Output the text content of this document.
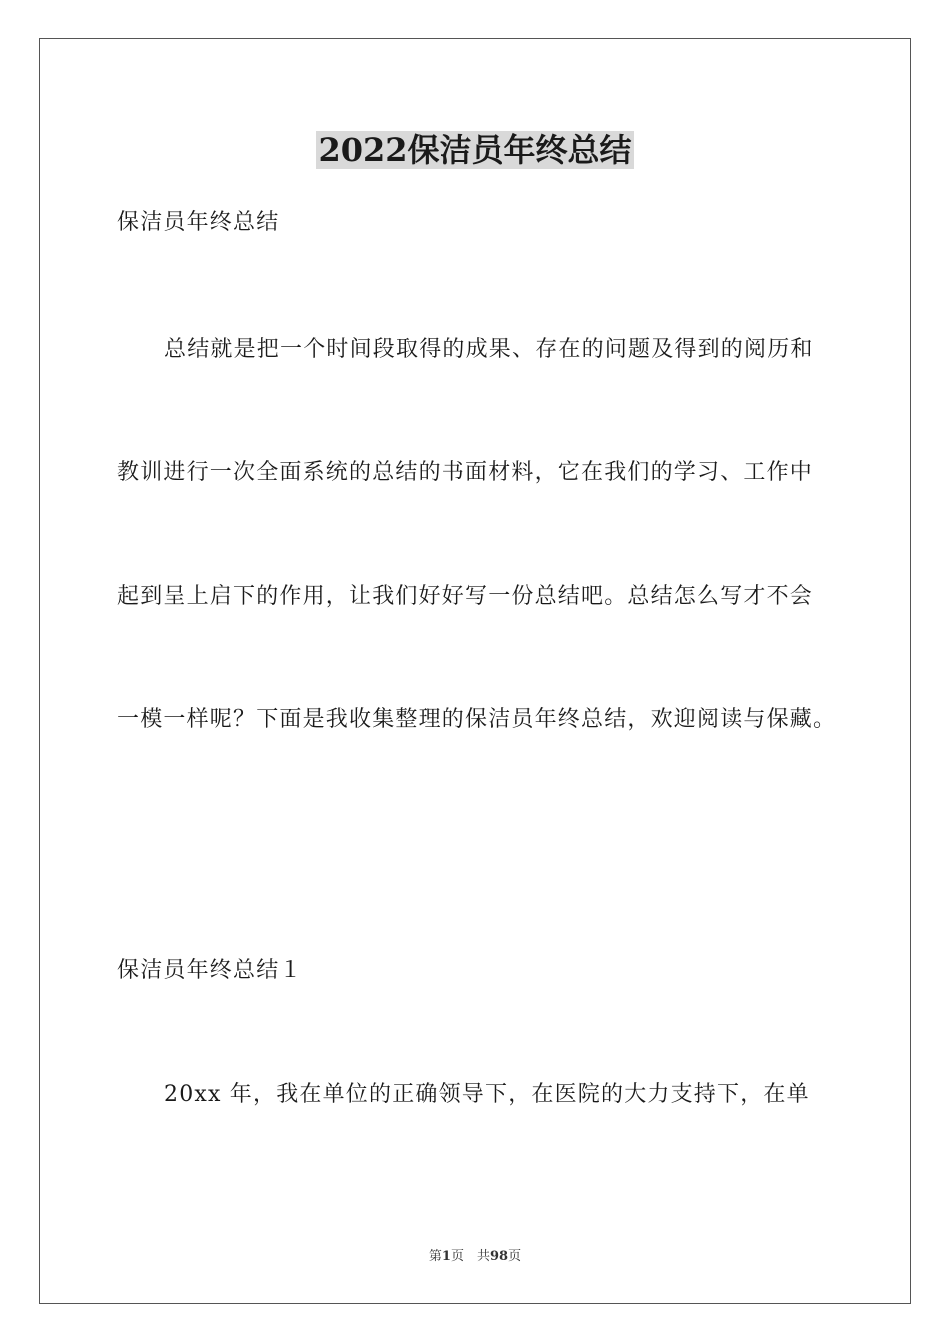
2022保洁员年终总结
保洁员年终总结
总结就是把一个时间段取得的成果、存在的问题及得到的阅历和
教训进行一次全面系统的总结的书面材料，它在我们的学习、工作中
起到呈上启下的作用，让我们好好写一份总结吧。总结怎么写才不会
一模一样呢？下面是我收集整理的保洁员年终总结，欢迎阅读与保藏。
保洁员年终总结１
20xx 年，我在单位的正确领导下，在医院的大力支持下，在单
第1页　共98页
